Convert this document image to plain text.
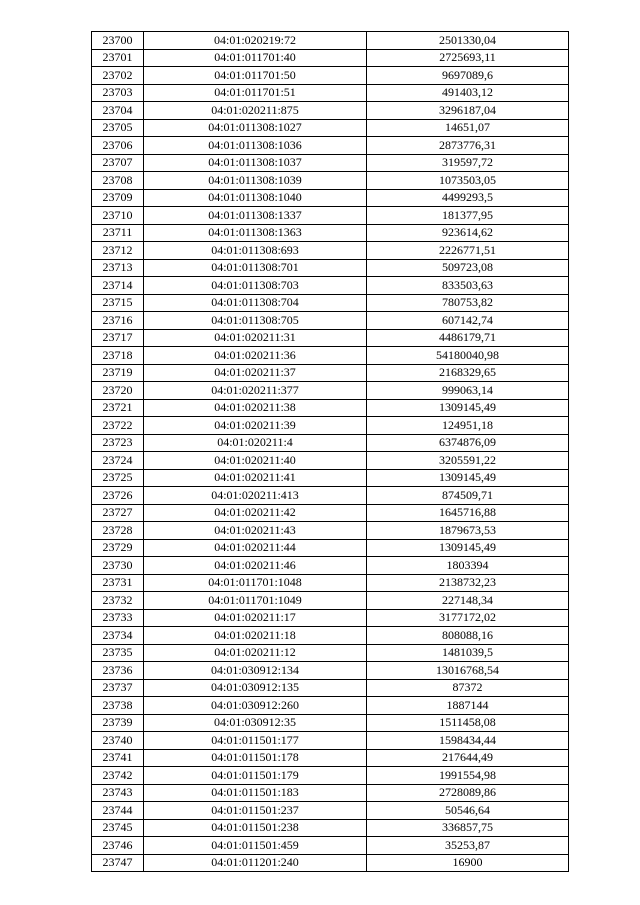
23700	04:01:020219:72	2501330,04
23701	04:01:011701:40	2725693,11
23702	04:01:011701:50	9697089,6
23703	04:01:011701:51	491403,12
23704	04:01:020211:875	3296187,04
23705	04:01:011308:1027	14651,07
23706	04:01:011308:1036	2873776,31
23707	04:01:011308:1037	319597,72
23708	04:01:011308:1039	1073503,05
23709	04:01:011308:1040	4499293,5
23710	04:01:011308:1337	181377,95
23711	04:01:011308:1363	923614,62
23712	04:01:011308:693	2226771,51
23713	04:01:011308:701	509723,08
23714	04:01:011308:703	833503,63
23715	04:01:011308:704	780753,82
23716	04:01:011308:705	607142,74
23717	04:01:020211:31	4486179,71
23718	04:01:020211:36	54180040,98
23719	04:01:020211:37	2168329,65
23720	04:01:020211:377	999063,14
23721	04:01:020211:38	1309145,49
23722	04:01:020211:39	124951,18
23723	04:01:020211:4	6374876,09
23724	04:01:020211:40	3205591,22
23725	04:01:020211:41	1309145,49
23726	04:01:020211:413	874509,71
23727	04:01:020211:42	1645716,88
23728	04:01:020211:43	1879673,53
23729	04:01:020211:44	1309145,49
23730	04:01:020211:46	1803394
23731	04:01:011701:1048	2138732,23
23732	04:01:011701:1049	227148,34
23733	04:01:020211:17	3177172,02
23734	04:01:020211:18	808088,16
23735	04:01:020211:12	1481039,5
23736	04:01:030912:134	13016768,54
23737	04:01:030912:135	87372
23738	04:01:030912:260	1887144
23739	04:01:030912:35	1511458,08
23740	04:01:011501:177	1598434,44
23741	04:01:011501:178	217644,49
23742	04:01:011501:179	1991554,98
23743	04:01:011501:183	2728089,86
23744	04:01:011501:237	50546,64
23745	04:01:011501:238	336857,75
23746	04:01:011501:459	35253,87
23747	04:01:011201:240	16900
